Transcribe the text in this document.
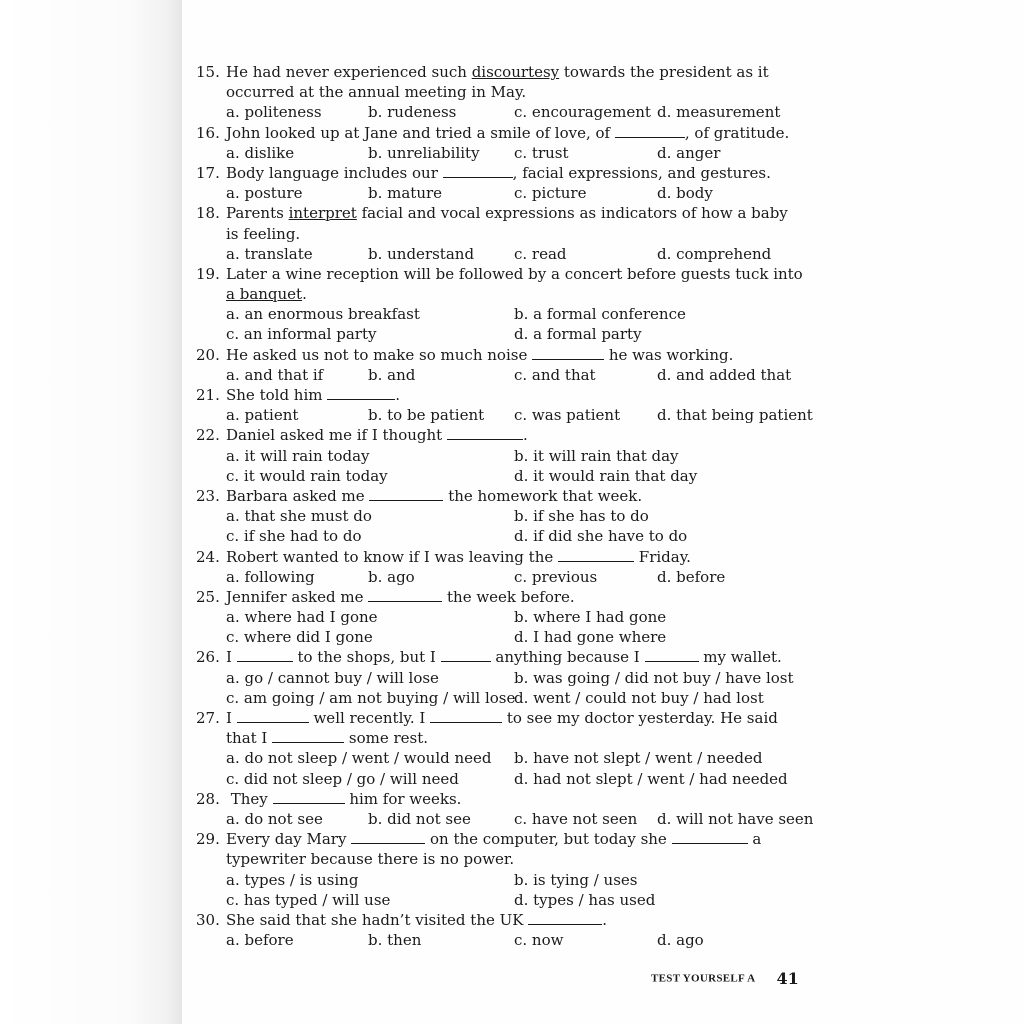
15. He had never experienced such discourtesy towards the president as it
occurred at the annual meeting in May.
a. politeness	b. rudeness	c. encouragement d. measurement
16. John looked up at Jane and tried a smile of love, of	, of gratitude.
a. dislike	b. unreliability c. trust	d. anger
17. Body language includes our	, facial expressions, and gestures.
a. posture	b. mature	c. picture	d. body
18. Parents interpret facial and vocal expressions as indicators of how a baby
is feeling.
a. translate	b. understand	c. read	d. comprehend
19. Later a wine reception will be followed by a concert before guests tuck into
a banquet.
a. an enormous breakfast	b. a formal conference
c. an informal party	d. a formal party
20. He asked us not to make so much noise	he was working.
a. and that if	b. and	c. and that	d. and added that
21. She told him	.
a. patient	b. to be patient c. was patient d. that being patient
22. Daniel asked me if I thought	.
a. it will rain today	b. it will rain that day
c. it would rain today	d. it would rain that day
23. Barbara asked me	the homework that week.
a. that she must do	b. if she has to do
c. if she had to do	d. if did she have to do
24. Robert wanted to know if I was leaving the	Friday.
a. following	b. ago	c. previous	d. before
25. Jennifer asked me	the week before.
a. where had I gone	b. where I had gone
c. where did I gone	d. I had gone where
26. I	to the shops, but I	anything because I	my wallet.
a. go / cannot buy / will lose	b. was going / did not buy / have lost
c. am going / am not buying / will lose
d. went / could not buy / had lost
27. I	well recently. I	to see my doctor yesterday. He said
that I	some rest.
a. do not sleep / went / would need b. have not slept / went / needed
c. did not sleep / go / will need	d. had not slept / went / had needed
28. They	him for weeks.
a. do not see	b. did not see	c. have not seen d. will not have seen
29. Every day Mary	on the computer, but today she	a
typewriter because there is no power.
a. types / is using	b. is tying / uses
c. has typed / will use	d. types / has used
30. She said that she hadn’t visited the UK	.
a. before	b. then	c. now	d. ago
TEST YOURSELF A 41
